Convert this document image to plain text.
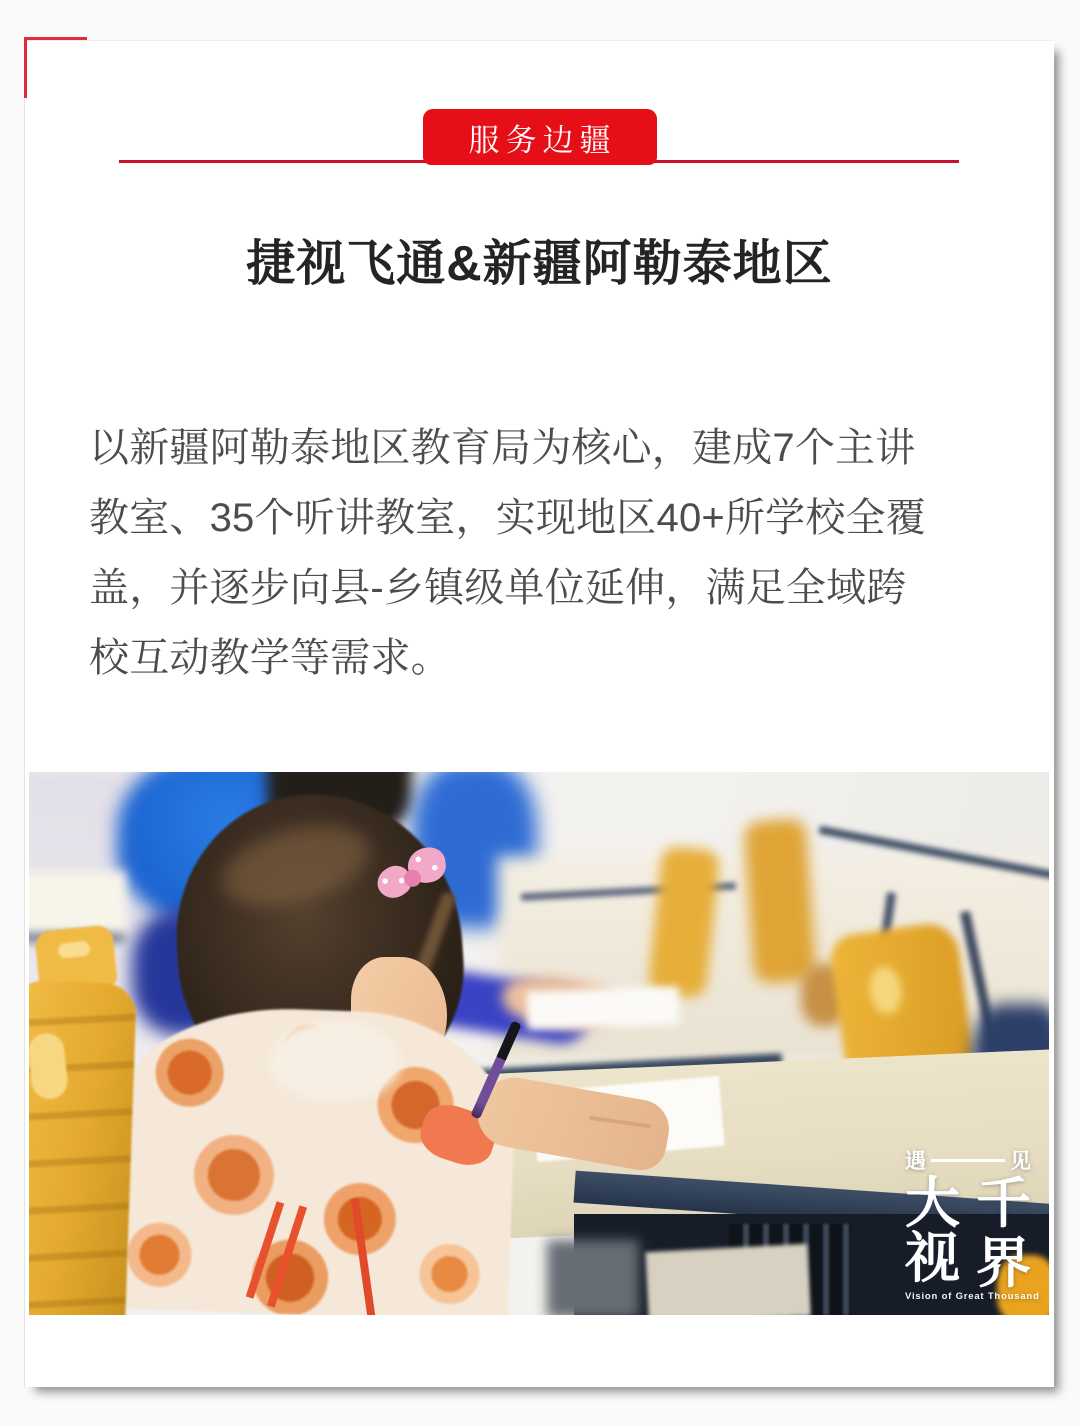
服务边疆
捷视飞通&新疆阿勒泰地区
以新疆阿勒泰地区教育局为核心，建成7个主讲
教室、35个听讲教室，实现地区40+所学校全覆
盖，并逐步向县-乡镇级单位延伸，满足全域跨
校互动教学等需求。
遇	见
大 千
视 界
Vision of Great Thousand
